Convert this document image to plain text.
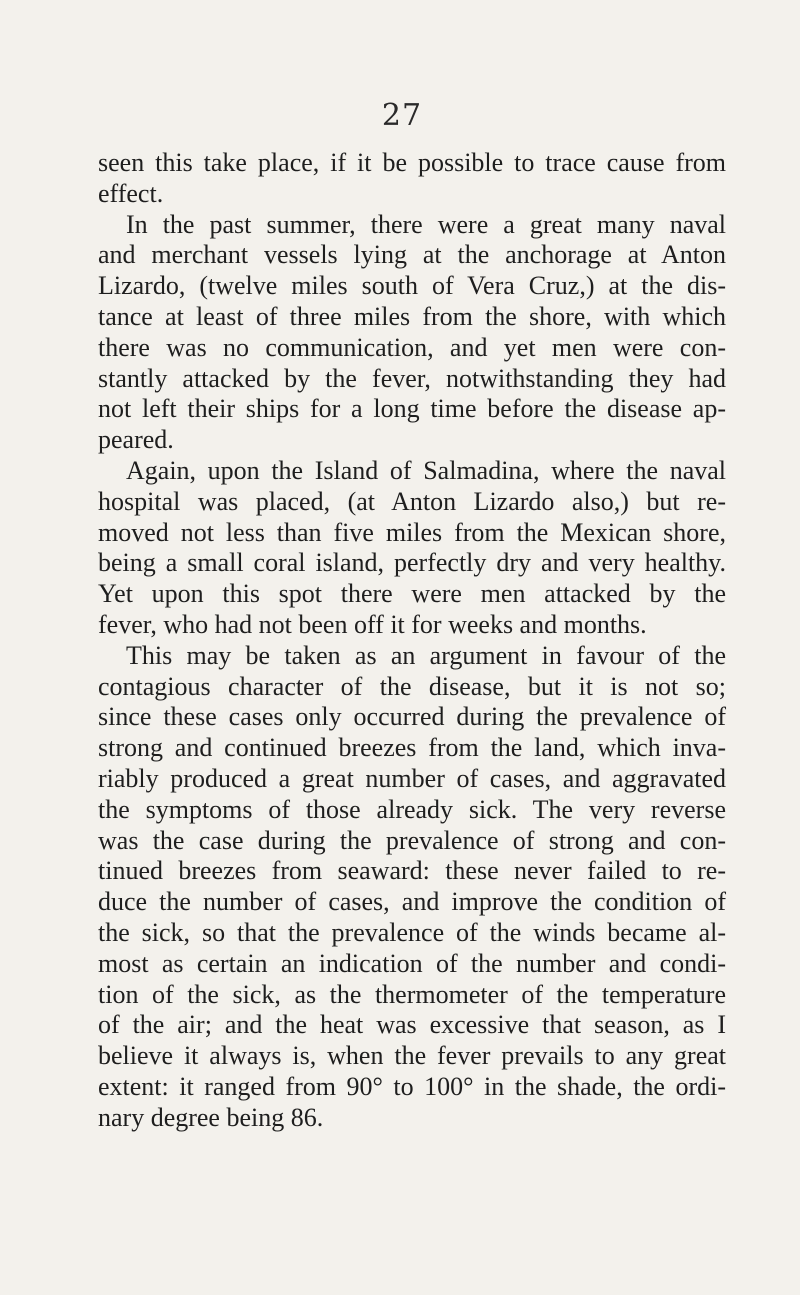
27
seen this take place, if it be possible to trace cause from
effect.
In the past summer, there were a great many naval
and merchant vessels lying at the anchorage at Anton
Lizardo, (twelve miles south of Vera Cruz,) at the dis-
tance at least of three miles from the shore, with which
there was no communication, and yet men were con-
stantly attacked by the fever, notwithstanding they had
not left their ships for a long time before the disease ap-
peared.
Again, upon the Island of Salmadina, where the naval
hospital was placed, (at Anton Lizardo also,) but re-
moved not less than five miles from the Mexican shore,
being a small coral island, perfectly dry and very healthy.
Yet upon this spot there were men attacked by the
fever, who had not been off it for weeks and months.
This may be taken as an argument in favour of the
contagious character of the disease, but it is not so;
since these cases only occurred during the prevalence of
strong and continued breezes from the land, which inva-
riably produced a great number of cases, and aggravated
the symptoms of those already sick. The very reverse
was the case during the prevalence of strong and con-
tinued breezes from seaward: these never failed to re-
duce the number of cases, and improve the condition of
the sick, so that the prevalence of the winds became al-
most as certain an indication of the number and condi-
tion of the sick, as the thermometer of the temperature
of the air; and the heat was excessive that season, as I
believe it always is, when the fever prevails to any great
extent: it ranged from 90° to 100° in the shade, the ordi-
nary degree being 86.
